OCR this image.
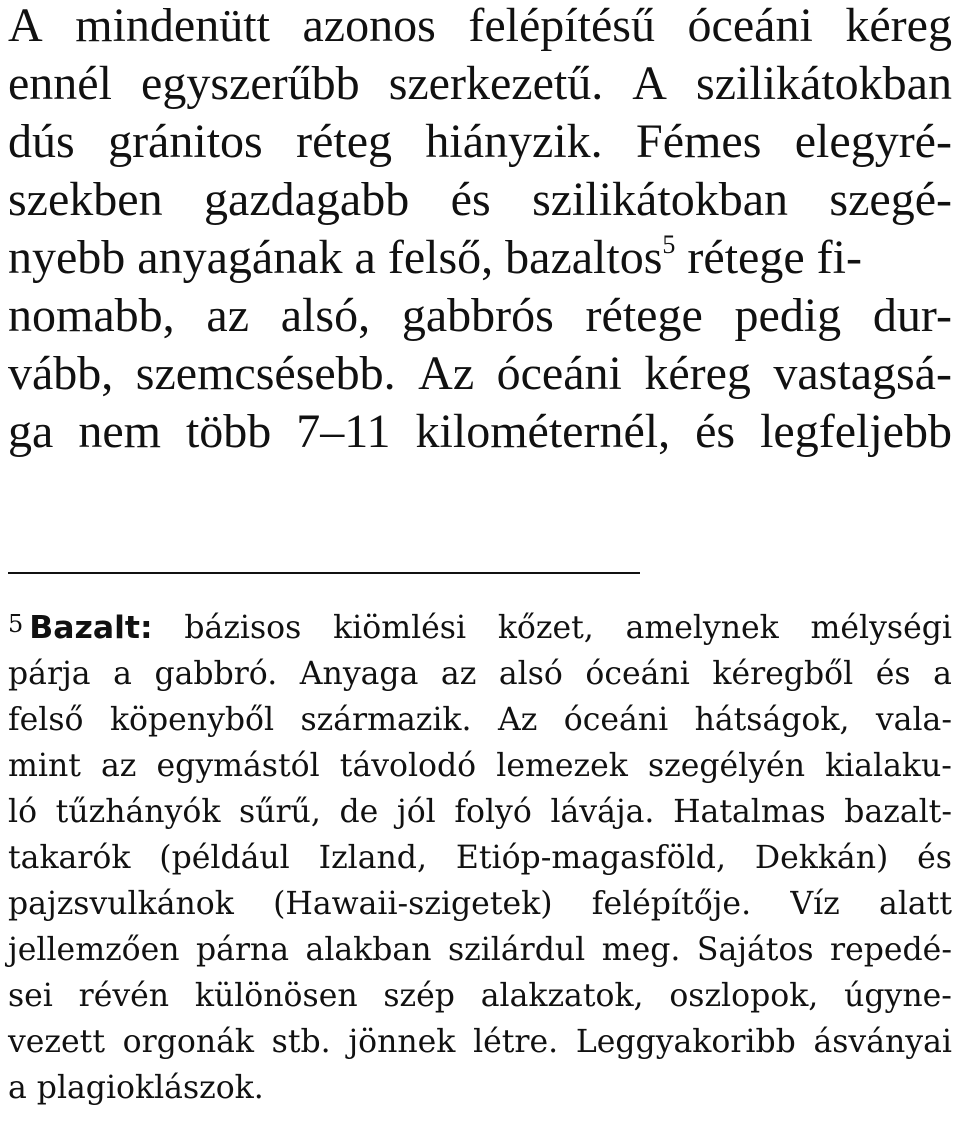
A mindenütt azonos felépítésű óceáni kéreg
ennél egyszerűbb szerkezetű. A szilikátokban
dús gránitos réteg hiányzik. Fémes elegyré-
szekben gazdagabb és szilikátokban szegé-
nyebb anyagának a felső, bazaltos$^5$ rétege fi-
nomabb, az alsó, gabbrós rétege pedig dur-
vább, szemcsésebb. Az óceáni kéreg vastagsá-
ga nem több 7–11 kilométernél, és legfeljebb
$^5$ Bazalt: bázisos kiömlési kőzet, amelynek mélységi
párja a gabbró. Anyaga az alsó óceáni kéregből és a
felső köpenyből származik. Az óceáni hátságok, vala-
mint az egymástól távolodó lemezek szegélyén kialaku-
ló tűzhányók sűrű, de jól folyó lávája. Hatalmas bazalt-
takarók (például Izland, Etióp-magasföld, Dekkán) és
pajzsvulkánok (Hawaii-szigetek) felépítője. Víz alatt
jellemzően párna alakban szilárdul meg. Sajátos repedé-
sei révén különösen szép alakzatok, oszlopok, úgyne-
vezett orgonák stb. jönnek létre. Leggyakoribb ásványai
a plagioklászok.
